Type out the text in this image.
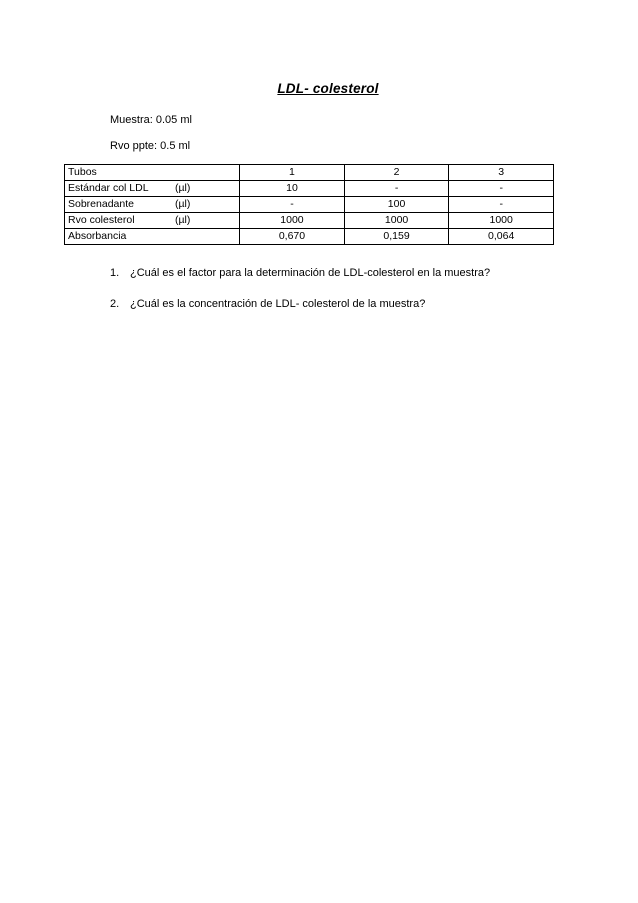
LDL- colesterol
Muestra: 0.05 ml
Rvo ppte: 0.5 ml
Tubos	1	2	3
Estándar col LDL (µl)	10	-	-
Sobrenadante (µl)	-	100	-
Rvo colesterol (µl)	1000	1000	1000
Absorbancia	0,670	0,159	0,064
1. ¿Cuál es el factor para la determinación de LDL-colesterol en la muestra?
2. ¿Cuál es la concentración de LDL- colesterol de la muestra?
